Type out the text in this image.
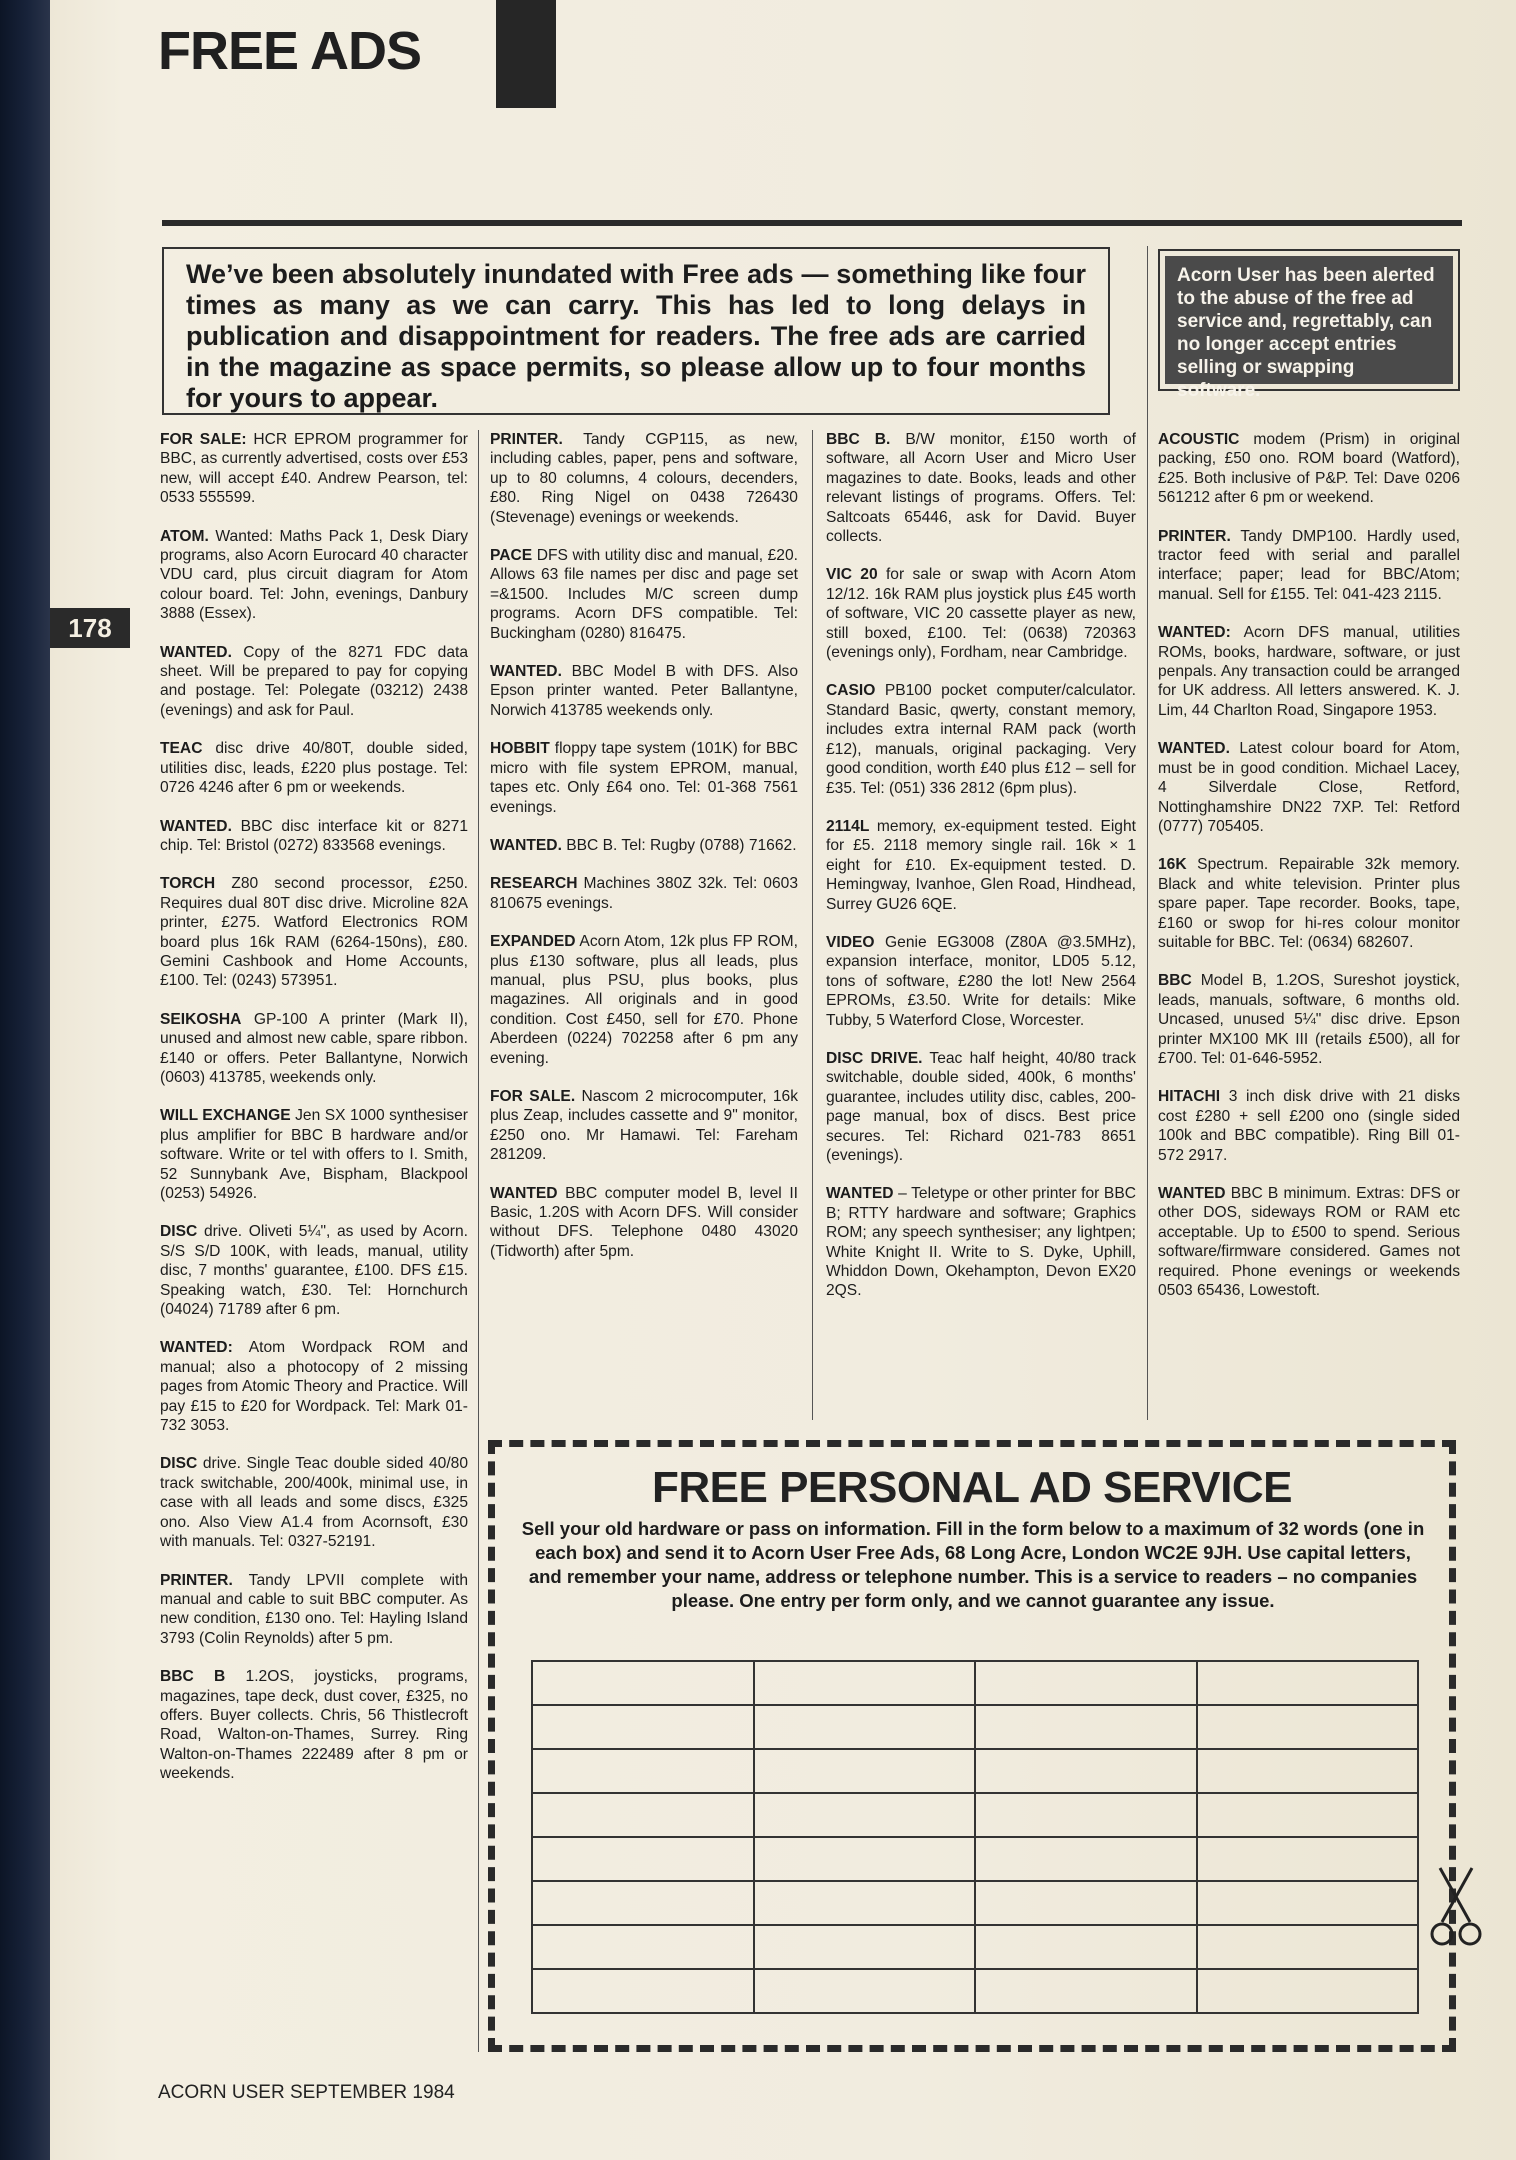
178
FREE ADS
We’ve been absolutely inundated with Free ads — something like four times as many as we can carry. This has led to long delays in publication and disappointment for readers. The free ads are carried in the magazine as space permits, so please allow up to four months for yours to appear.
Acorn User has been alerted to the abuse of the free ad service and, regrettably, can no longer accept entries selling or swapping software.

FOR SALE: HCR EPROM programmer for BBC, as currently advertised, costs over £53 new, will accept £40. Andrew Pearson, tel: 0533 555599.

ATOM. Wanted: Maths Pack 1, Desk Diary programs, also Acorn Eurocard 40 character VDU card, plus circuit diagram for Atom colour board. Tel: John, evenings, Danbury 3888 (Essex).

WANTED. Copy of the 8271 FDC data sheet. Will be prepared to pay for copying and postage. Tel: Polegate (03212) 2438 (evenings) and ask for Paul.

TEAC disc drive 40/80T, double sided, utilities disc, leads, £220 plus postage. Tel: 0726 4246 after 6 pm or weekends.

WANTED. BBC disc interface kit or 8271 chip. Tel: Bristol (0272) 833568 evenings.

TORCH Z80 second processor, £250. Requires dual 80T disc drive. Microline 82A printer, £275. Watford Electronics ROM board plus 16k RAM (6264-150ns), £80. Gemini Cashbook and Home Accounts, £100. Tel: (0243) 573951.

SEIKOSHA GP-100 A printer (Mark II), unused and almost new cable, spare ribbon. £140 or offers. Peter Ballantyne, Norwich (0603) 413785, weekends only.

WILL EXCHANGE Jen SX 1000 synthesiser plus amplifier for BBC B hardware and/or software. Write or tel with offers to I. Smith, 52 Sunnybank Ave, Bispham, Blackpool (0253) 54926.

DISC drive. Oliveti 5¼", as used by Acorn. S/S S/D 100K, with leads, manual, utility disc, 7 months' guarantee, £100. DFS £15. Speaking watch, £30. Tel: Hornchurch (04024) 71789 after 6 pm.

WANTED: Atom Wordpack ROM and manual; also a photocopy of 2 missing pages from Atomic Theory and Practice. Will pay £15 to £20 for Wordpack. Tel: Mark 01-732 3053.

DISC drive. Single Teac double sided 40/80 track switchable, 200/400k, minimal use, in case with all leads and some discs, £325 ono. Also View A1.4 from Acornsoft, £30 with manuals. Tel: 0327-52191.

PRINTER. Tandy LPVII complete with manual and cable to suit BBC computer. As new condition, £130 ono. Tel: Hayling Island 3793 (Colin Reynolds) after 5 pm.

BBC B 1.2OS, joysticks, programs, magazines, tape deck, dust cover, £325, no offers. Buyer collects. Chris, 56 Thistlecroft Road, Walton-on-Thames, Surrey. Ring Walton-on-Thames 222489 after 8 pm or weekends.

PRINTER. Tandy CGP115, as new, including cables, paper, pens and software, up to 80 columns, 4 colours, decenders, £80. Ring Nigel on 0438 726430 (Stevenage) evenings or weekends.

PACE DFS with utility disc and manual, £20. Allows 63 file names per disc and page set =&1500. Includes M/C screen dump programs. Acorn DFS compatible. Tel: Buckingham (0280) 816475.

WANTED. BBC Model B with DFS. Also Epson printer wanted. Peter Ballantyne, Norwich 413785 weekends only.

HOBBIT floppy tape system (101K) for BBC micro with file system EPROM, manual, tapes etc. Only £64 ono. Tel: 01-368 7561 evenings.

WANTED. BBC B. Tel: Rugby (0788) 71662.

RESEARCH Machines 380Z 32k. Tel: 0603 810675 evenings.

EXPANDED Acorn Atom, 12k plus FP ROM, plus £130 software, plus all leads, plus manual, plus PSU, plus books, plus magazines. All originals and in good condition. Cost £450, sell for £70. Phone Aberdeen (0224) 702258 after 6 pm any evening.

FOR SALE. Nascom 2 microcomputer, 16k plus Zeap, includes cassette and 9" monitor, £250 ono. Mr Hamawi. Tel: Fareham 281209.

WANTED BBC computer model B, level II Basic, 1.20S with Acorn DFS. Will consider without DFS. Telephone 0480 43020 (Tidworth) after 5pm.

BBC B. B/W monitor, £150 worth of software, all Acorn User and Micro User magazines to date. Books, leads and other relevant listings of programs. Offers. Tel: Saltcoats 65446, ask for David. Buyer collects.

VIC 20 for sale or swap with Acorn Atom 12/12. 16k RAM plus joystick plus £45 worth of software, VIC 20 cassette player as new, still boxed, £100. Tel: (0638) 720363 (evenings only), Fordham, near Cambridge.

CASIO PB100 pocket computer/calculator. Standard Basic, qwerty, constant memory, includes extra internal RAM pack (worth £12), manuals, original packaging. Very good condition, worth £40 plus £12 – sell for £35. Tel: (051) 336 2812 (6pm plus).

2114L memory, ex-equipment tested. Eight for £5. 2118 memory single rail. 16k × 1 eight for £10. Ex-equipment tested. D. Hemingway, Ivanhoe, Glen Road, Hindhead, Surrey GU26 6QE.

VIDEO Genie EG3008 (Z80A @3.5MHz), expansion interface, monitor, LD05 5.12, tons of software, £280 the lot! New 2564 EPROMs, £3.50. Write for details: Mike Tubby, 5 Waterford Close, Worcester.

DISC DRIVE. Teac half height, 40/80 track switchable, double sided, 400k, 6 months' guarantee, includes utility disc, cables, 200-page manual, box of discs. Best price secures. Tel: Richard 021-783 8651 (evenings).

WANTED – Teletype or other printer for BBC B; RTTY hardware and software; Graphics ROM; any speech synthesiser; any lightpen; White Knight II. Write to S. Dyke, Uphill, Whiddon Down, Okehampton, Devon EX20 2QS.

ACOUSTIC modem (Prism) in original packing, £50 ono. ROM board (Watford), £25. Both inclusive of P&P. Tel: Dave 0206 561212 after 6 pm or weekend.

PRINTER. Tandy DMP100. Hardly used, tractor feed with serial and parallel interface; paper; lead for BBC/Atom; manual. Sell for £155. Tel: 041-423 2115.

WANTED: Acorn DFS manual, utilities ROMs, books, hardware, software, or just penpals. Any transaction could be arranged for UK address. All letters answered. K. J. Lim, 44 Charlton Road, Singapore 1953.

WANTED. Latest colour board for Atom, must be in good condition. Michael Lacey, 4 Silverdale Close, Retford, Nottinghamshire DN22 7XP. Tel: Retford (0777) 705405.

16K Spectrum. Repairable 32k memory. Black and white television. Printer plus spare paper. Tape recorder. Books, tape, £160 or swop for hi-res colour monitor suitable for BBC. Tel: (0634) 682607.

BBC Model B, 1.2OS, Sureshot joystick, leads, manuals, software, 6 months old. Uncased, unused 5¼" disc drive. Epson printer MX100 MK III (retails £500), all for £700. Tel: 01-646-5952.

HITACHI 3 inch disk drive with 21 disks cost £280 + sell £200 ono (single sided 100k and BBC compatible). Ring Bill 01-572 2917.

WANTED BBC B minimum. Extras: DFS or other DOS, sideways ROM or RAM etc acceptable. Up to £500 to spend. Serious software/firmware considered. Games not required. Phone evenings or weekends 0503 65436, Lowestoft.

FREE PERSONAL AD SERVICE
Sell your old hardware or pass on information. Fill in the form below to a maximum of 32 words (one in each box) and send it to Acorn User Free Ads, 68 Long Acre, London WC2E 9JH. Use capital letters, and remember your name, address or telephone number. This is a service to readers – no companies please. One entry per form only, and we cannot guarantee any issue.

ACORN USER SEPTEMBER 1984
